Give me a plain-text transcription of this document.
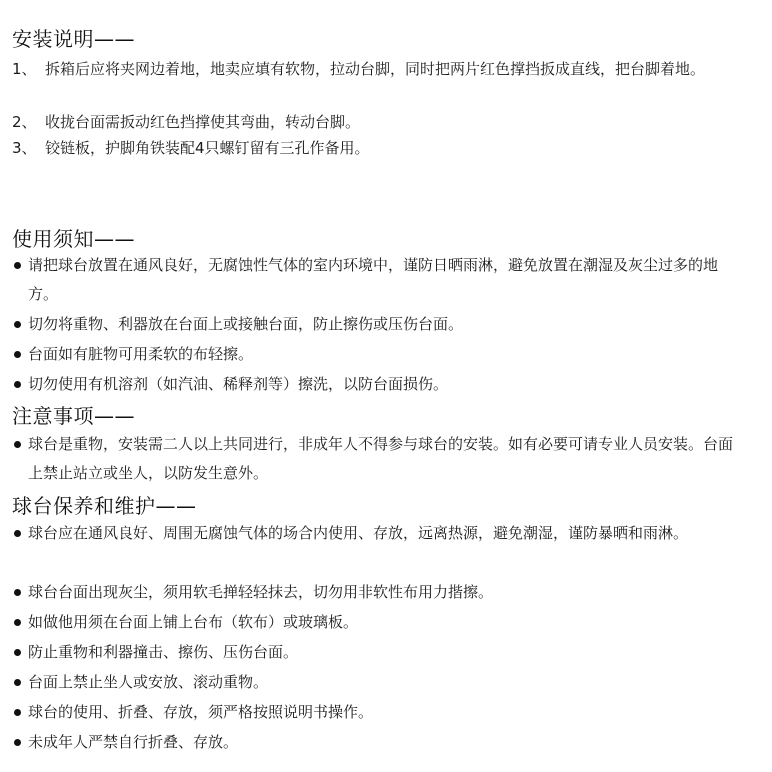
安装说明——

1、 拆箱后应将夹网边着地，地卖应填有软物，拉动台脚，同时把两片红色撑挡扳成直线，把台脚着地。

2、 收拢台面需扳动红色挡撑使其弯曲，转动台脚。

3、 铰链板，护脚角铁装配4只螺钉留有三孔作备用。

使用须知——

请把球台放置在通风良好，无腐蚀性气体的室内环境中，谨防日晒雨淋，避免放置在潮湿及灰尘过多的地方。

切勿将重物、利器放在台面上或接触台面，防止擦伤或压伤台面。

台面如有脏物可用柔软的布轻擦。

切勿使用有机溶剂（如汽油、稀释剂等）擦洗，以防台面损伤。

注意事项——

球台是重物，安装需二人以上共同进行，非成年人不得参与球台的安装。如有必要可请专业人员安装。台面上禁止站立或坐人，以防发生意外。

球台保养和维护——

球台应在通风良好、周围无腐蚀气体的场合内使用、存放，远离热源，避免潮湿，谨防暴晒和雨淋。

球台台面出现灰尘，须用软毛掸轻轻抹去，切勿用非软性布用力揩擦。

如做他用须在台面上铺上台布（软布）或玻璃板。

防止重物和利器撞击、擦伤、压伤台面。

台面上禁止坐人或安放、滚动重物。

球台的使用、折叠、存放，须严格按照说明书操作。

未成年人严禁自行折叠、存放。
